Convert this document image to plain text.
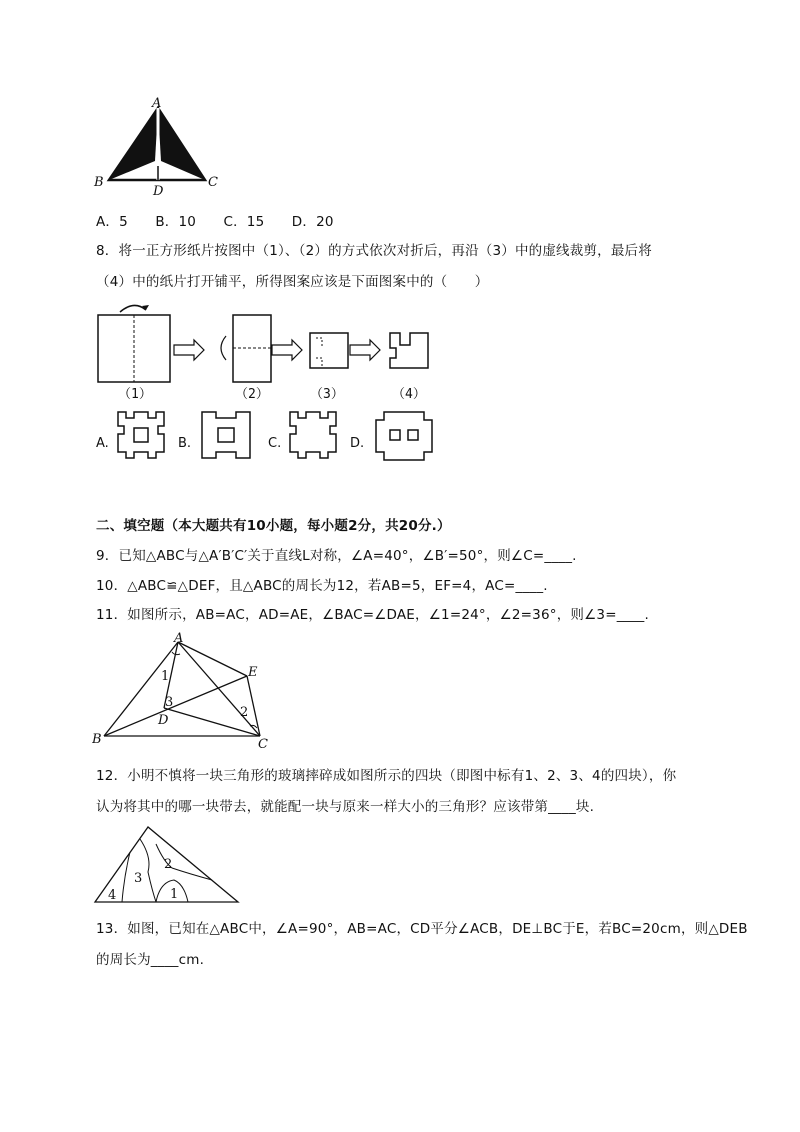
A
B	C
D
A．5　　B．10　　C．15　　D．20
8．将一正方形纸片按图中（1）、（2）的方式依次对折后，再沿（3）中的虚线裁剪，最后将
（4）中的纸片打开铺平，所得图案应该是下面图案中的（　　）
（1）	（2）	（3）	（4）
A.	B.	C.	D.
二、填空题（本大题共有10小题，每小题2分，共20分.）
9．已知△ABC与△A′B′C′关于直线L对称，∠A=40°，∠B′=50°，则∠C=____.
10．△ABC≌△DEF，且△ABC的周长为12，若AB=5，EF=4，AC=____.
11．如图所示，AB=AC，AD=AE，∠BAC=∠DAE，∠1=24°，∠2=36°，则∠3=____.
A
B	C
D
E
1
2
3
12．小明不慎将一块三角形的玻璃摔碎成如图所示的四块（即图中标有1、2、3、4的四块），你
认为将其中的哪一块带去，就能配一块与原来一样大小的三角形？应该带第____块.
1
2
3
4
13．如图，已知在△ABC中，∠A=90°，AB=AC，CD平分∠ACB，DE⊥BC于E，若BC=20cm，则△DEB
的周长为____cm.
